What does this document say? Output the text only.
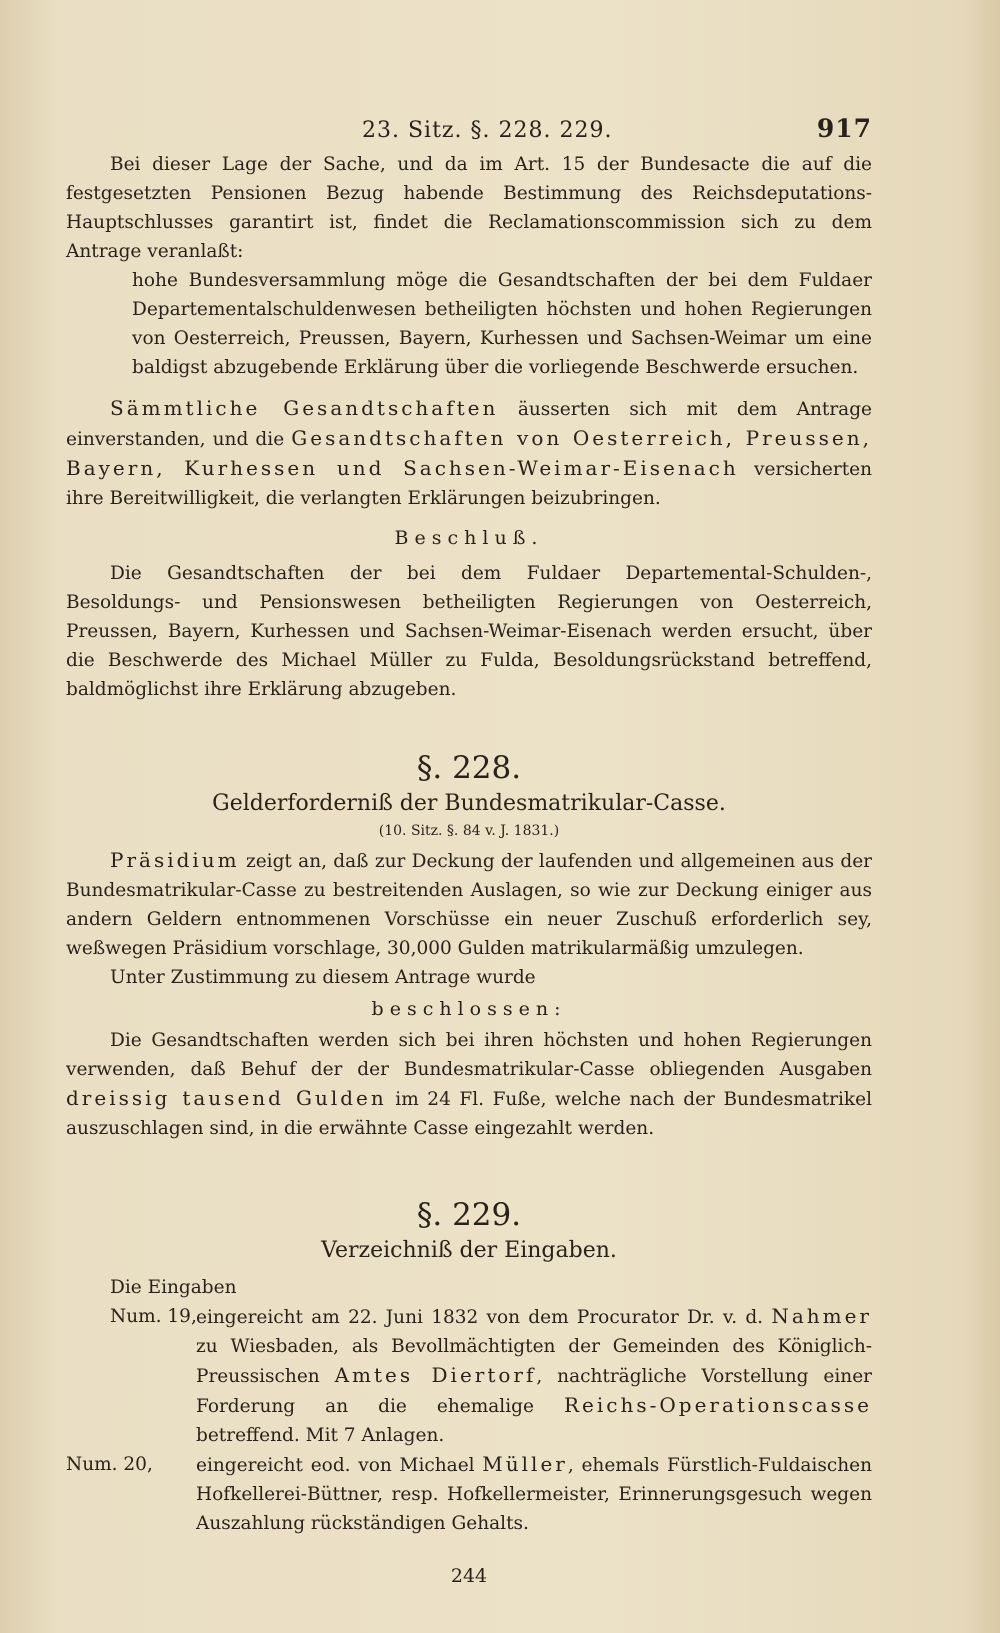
23. Sitz. §. 228. 229.	917

Bei dieser Lage der Sache, und da im Art. 15 der Bundesacte die auf die festgesetzten Pensionen Bezug habende Bestimmung des Reichsdeputations-Hauptschlusses garantirt ist, findet die Reclamationscommission sich zu dem Antrage veranlaßt:

hohe Bundesversammlung möge die Gesandtschaften der bei dem Fuldaer Departementalschuldenwesen betheiligten höchsten und hohen Regierungen von Oesterreich, Preussen, Bayern, Kurhessen und Sachsen-Weimar um eine baldigst abzugebende Erklärung über die vorliegende Beschwerde ersuchen.

Sämmtliche Gesandtschaften äusserten sich mit dem Antrage einverstanden, und die Gesandtschaften von Oesterreich, Preussen, Bayern, Kurhessen und Sachsen-Weimar-Eisenach versicherten ihre Bereitwilligkeit, die verlangten Erklärungen beizubringen.

Beschluß.

Die Gesandtschaften der bei dem Fuldaer Departemental-Schulden-, Besoldungs- und Pensionswesen betheiligten Regierungen von Oesterreich, Preussen, Bayern, Kurhessen und Sachsen-Weimar-Eisenach werden ersucht, über die Beschwerde des Michael Müller zu Fulda, Besoldungsrückstand betreffend, baldmöglichst ihre Erklärung abzugeben.

§. 228.
Gelderforderniß der Bundesmatrikular-Casse.
(10. Sitz. §. 84 v. J. 1831.)

Präsidium zeigt an, daß zur Deckung der laufenden und allgemeinen aus der Bundesmatrikular-Casse zu bestreitenden Auslagen, so wie zur Deckung einiger aus andern Geldern entnommenen Vorschüsse ein neuer Zuschuß erforderlich sey, weßwegen Präsidium vorschlage, 30,000 Gulden matrikularmäßig umzulegen.

Unter Zustimmung zu diesem Antrage wurde

beschlossen:

Die Gesandtschaften werden sich bei ihren höchsten und hohen Regierungen verwenden, daß Behuf der der Bundesmatrikular-Casse obliegenden Ausgaben dreissig tausend Gulden im 24 Fl. Fuße, welche nach der Bundesmatrikel auszuschlagen sind, in die erwähnte Casse eingezahlt werden.

§. 229.
Verzeichniß der Eingaben.

Die Eingaben

Num. 19, eingereicht am 22. Juni 1832 von dem Procurator Dr. v. d. Nahmer zu Wiesbaden, als Bevollmächtigten der Gemeinden des Königlich-Preussischen Amtes Diertorf, nachträgliche Vorstellung einer Forderung an die ehemalige Reichs-Operationscasse betreffend. Mit 7 Anlagen.
Num. 20, eingereicht eod. von Michael Müller, ehemals Fürstlich-Fuldaischen Hofkellerei-Büttner, resp. Hofkellermeister, Erinnerungsgesuch wegen Auszahlung rückständigen Gehalts.
244
